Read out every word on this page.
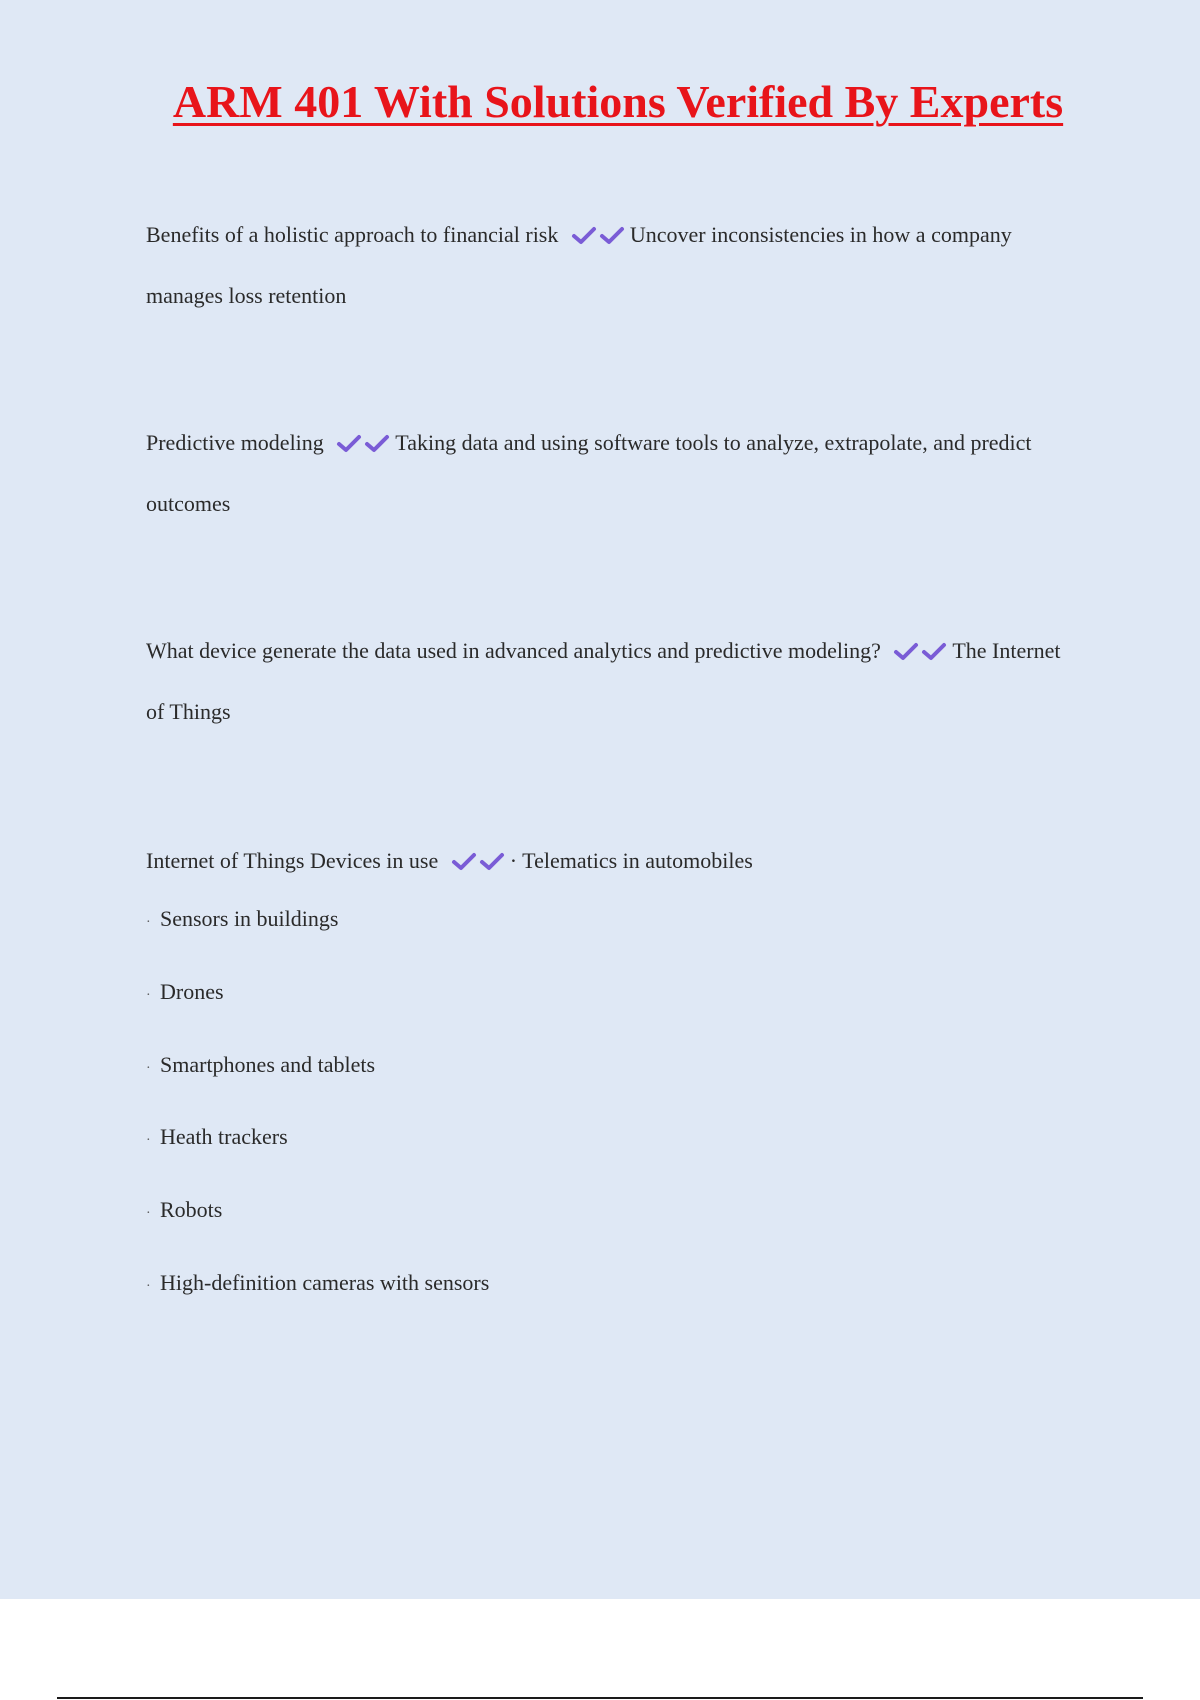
ARM 401 With Solutions Verified By Experts

Benefits of a holistic approach to financial risk	Uncover inconsistencies in how a company manages loss retention

Predictive modeling	Taking data and using software tools to analyze, extrapolate, and predict outcomes

What device generate the data used in advanced analytics and predictive modeling?	The Internet of Things

Internet of Things Devices in use	· Telematics in automobiles

· Sensors in buildings
· Drones
· Smartphones and tablets
· Heath trackers
· Robots
· High-definition cameras with sensors
